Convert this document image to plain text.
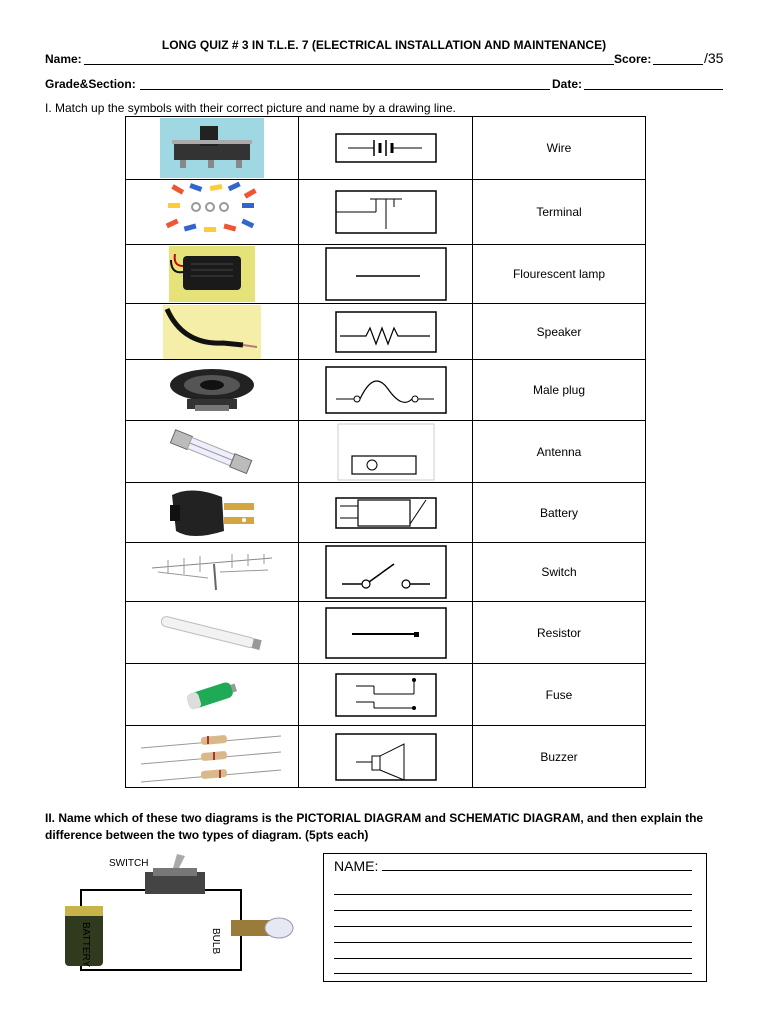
LONG QUIZ # 3 IN T.L.E. 7 (ELECTRICAL INSTALLATION AND MAINTENANCE)
Name:	Score:	/35
Grade&Section:	Date:
I. Match up the symbols with their correct picture and name by a drawing line.

	Wire

	Terminal

	Flourescent lamp

	Speaker

	Male plug

	Antenna

	Battery

	Switch

	Resistor

	Fuse

	Buzzer
II. Name which of these two diagrams is the PICTORIAL DIAGRAM and SCHEMATIC DIAGRAM, and then explain the difference between the two types of diagram. (5pts each)
SWITCH
BATTERY	BULB
NAME:
